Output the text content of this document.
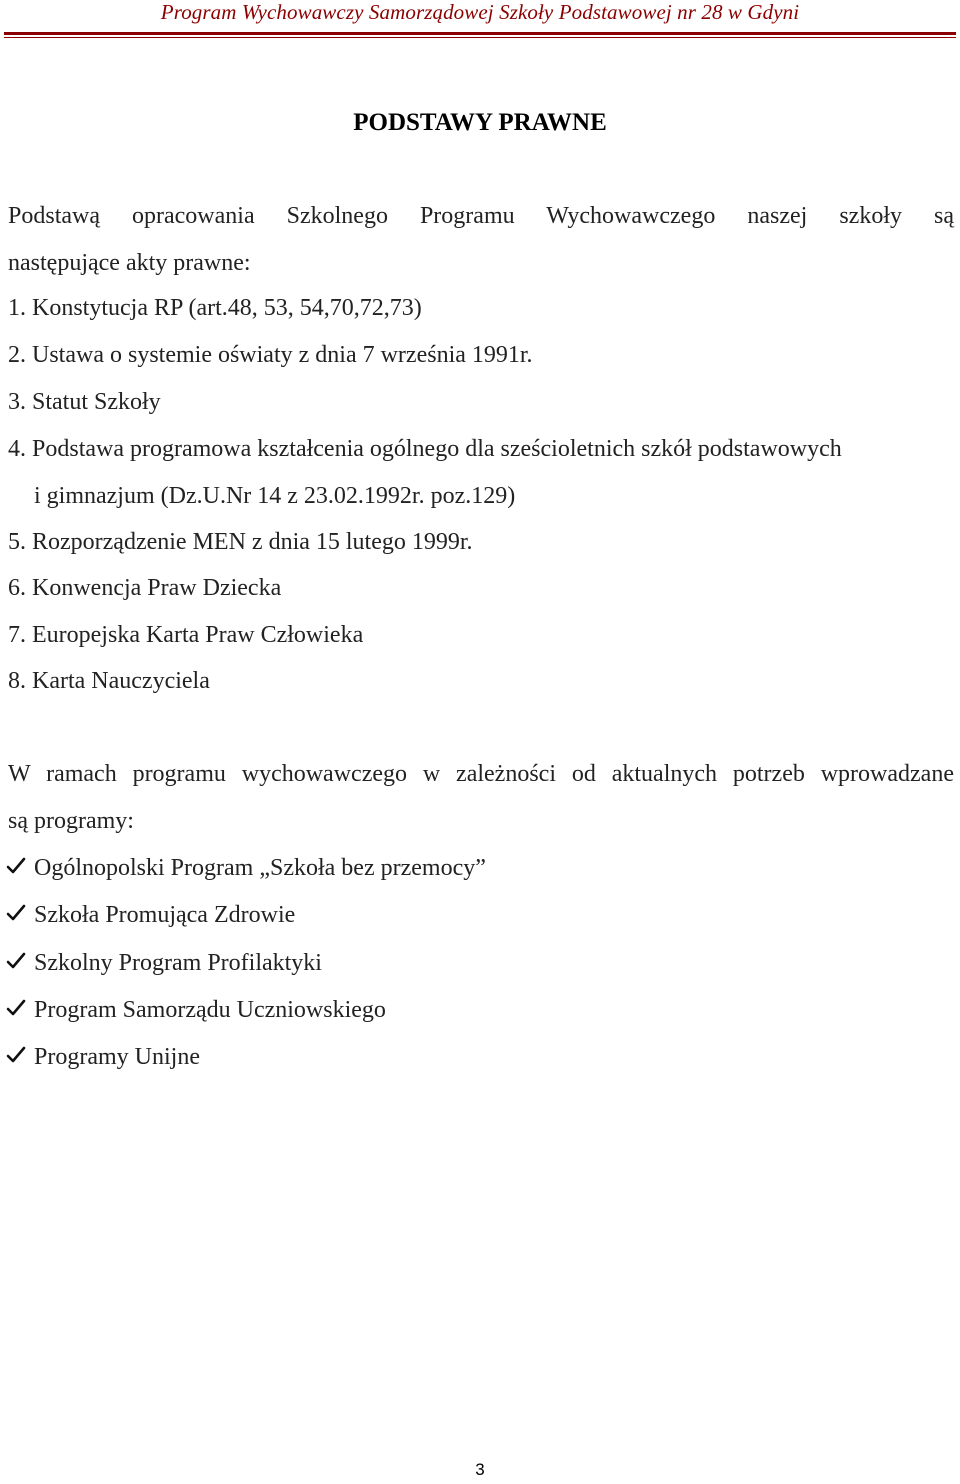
Program Wychowawczy Samorządowej Szkoły Podstawowej nr 28 w Gdyni
PODSTAWY PRAWNE
Podstawą opracowania Szkolnego Programu Wychowawczego naszej szkoły są
następujące akty prawne:
1. Konstytucja RP (art.48, 53, 54,70,72,73)
2. Ustawa o systemie oświaty z dnia 7 września 1991r.
3. Statut Szkoły
4. Podstawa programowa kształcenia ogólnego dla sześcioletnich szkół podstawowych
i gimnazjum (Dz.U.Nr 14 z 23.02.1992r. poz.129)
5. Rozporządzenie MEN z dnia 15 lutego 1999r.
6. Konwencja Praw Dziecka
7. Europejska Karta Praw Człowieka
8. Karta Nauczyciela
W ramach programu wychowawczego w zależności od aktualnych potrzeb wprowadzane
są programy:
Ogólnopolski Program „Szkoła bez przemocy”
Szkoła Promująca Zdrowie
Szkolny Program Profilaktyki
Program Samorządu Uczniowskiego
Programy Unijne
3
